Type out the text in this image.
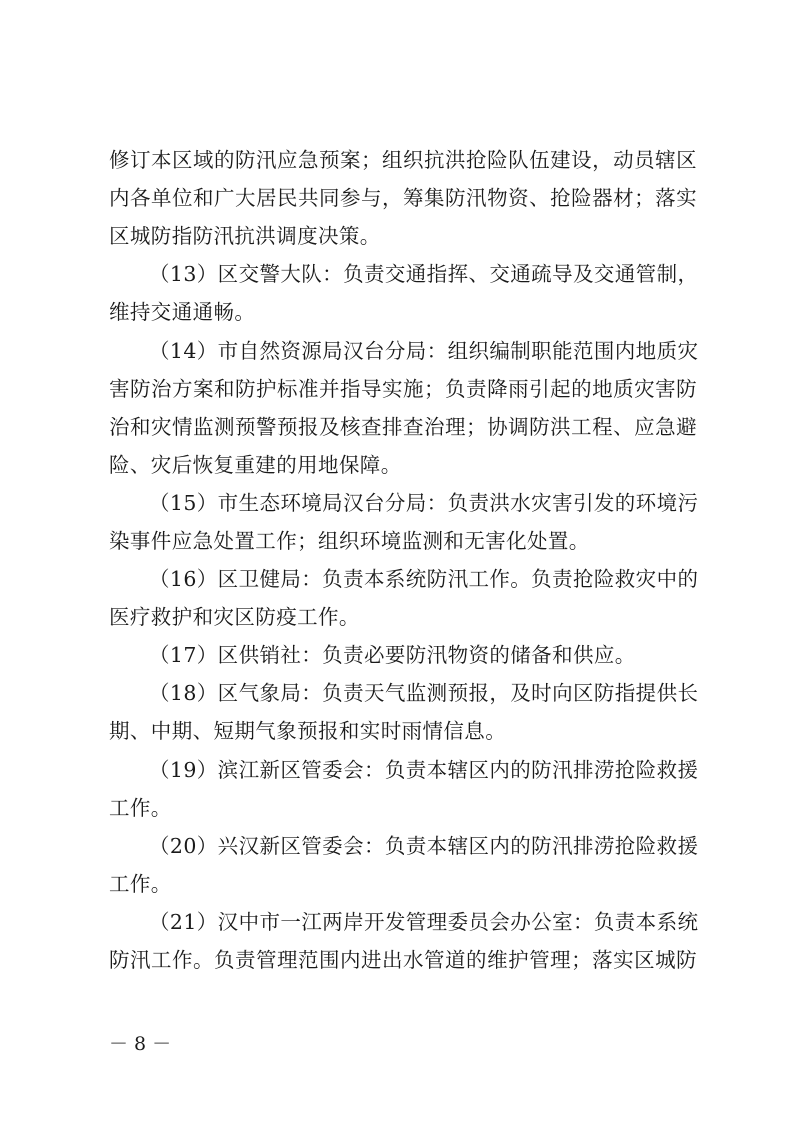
修订本区域的防汛应急预案；组织抗洪抢险队伍建设，动员辖区
内各单位和广大居民共同参与，筹集防汛物资、抢险器材；落实
区城防指防汛抗洪调度决策。
（13）区交警大队：负责交通指挥、交通疏导及交通管制，
维持交通通畅。
（14）市自然资源局汉台分局：组织编制职能范围内地质灾
害防治方案和防护标准并指导实施；负责降雨引起的地质灾害防
治和灾情监测预警预报及核查排查治理；协调防洪工程、应急避
险、灾后恢复重建的用地保障。
（15）市生态环境局汉台分局：负责洪水灾害引发的环境污
染事件应急处置工作；组织环境监测和无害化处置。
（16）区卫健局：负责本系统防汛工作。负责抢险救灾中的
医疗救护和灾区防疫工作。
（17）区供销社：负责必要防汛物资的储备和供应。
（18）区气象局：负责天气监测预报，及时向区防指提供长
期、中期、短期气象预报和实时雨情信息。
（19）滨江新区管委会：负责本辖区内的防汛排涝抢险救援
工作。
（20）兴汉新区管委会：负责本辖区内的防汛排涝抢险救援
工作。
（21）汉中市一江两岸开发管理委员会办公室：负责本系统
防汛工作。负责管理范围内进出水管道的维护管理；落实区城防
－ 8 －
